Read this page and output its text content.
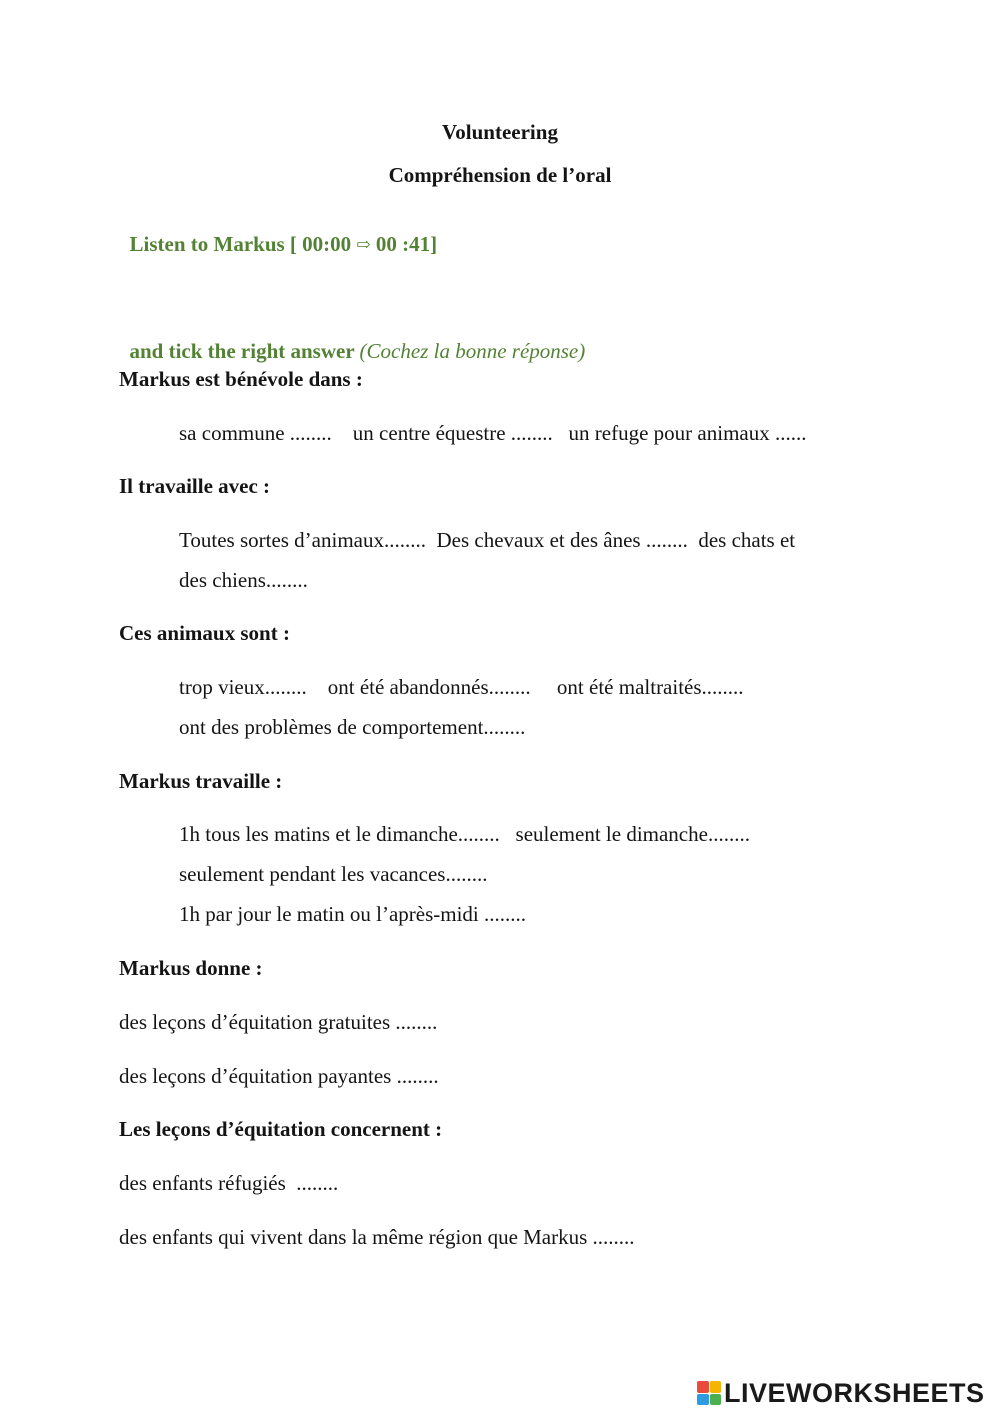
Volunteering
Compréhension de l’oral

Listen to Markus [ 00:00 ⇨ 00 :41]

and tick the right answer (Cochez la bonne réponse)

Markus est bénévole dans :
sa commune ........    un centre équestre ........   un refuge pour animaux ......
Il travaille avec :
Toutes sortes d’animaux........  Des chevaux et des ânes ........  des chats et
des chiens........
Ces animaux sont :
trop vieux........    ont été abandonnés........     ont été maltraités........
ont des problèmes de comportement........
Markus travaille :
1h tous les matins et le dimanche........   seulement le dimanche........
seulement pendant les vacances........
1h par jour le matin ou l’après-midi ........
Markus donne :
des leçons d’équitation gratuites ........
des leçons d’équitation payantes ........
Les leçons d’équitation concernent :
des enfants réfugiés  ........
des enfants qui vivent dans la même région que Markus ........
LIVEWORKSHEETS
